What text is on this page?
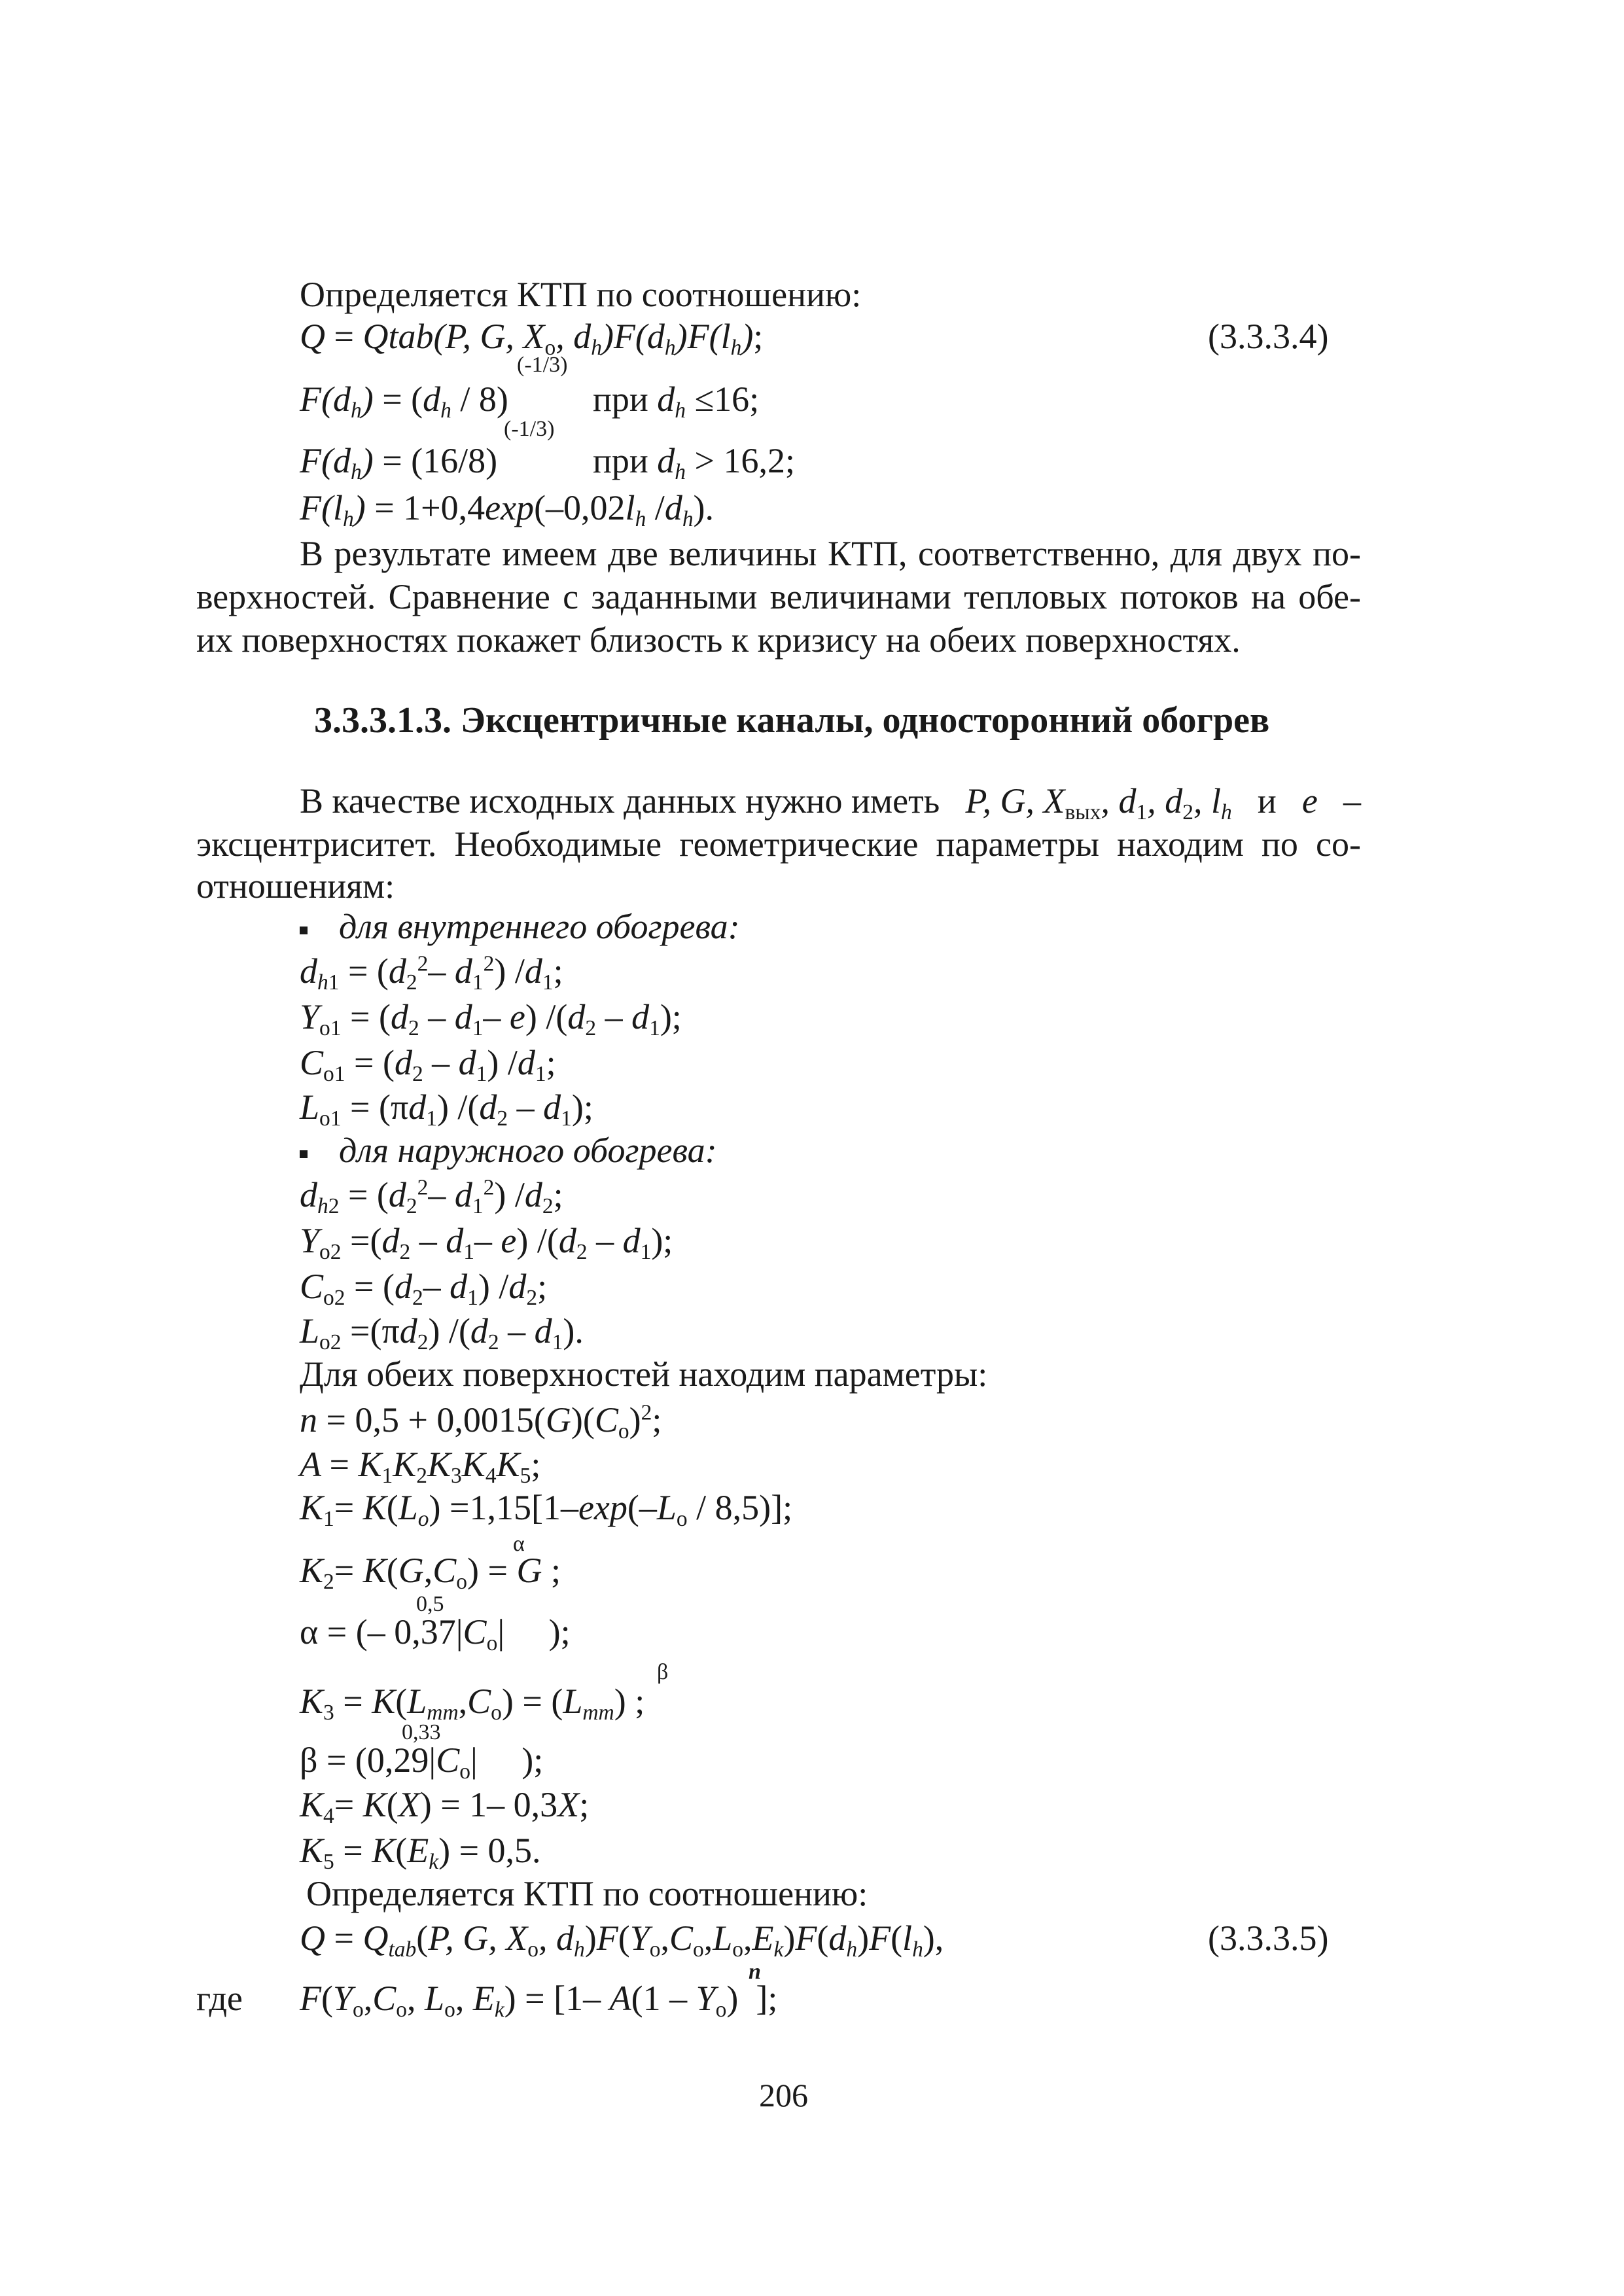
Определяется КТП по соотношению:
Q = Qtab(P, G, $X_o$, $d_h)F(d_h)F(l_h)$;	(3.3.3.4)
(-1/3)
$F(d_h) = (d_h / 8)$ при $d_h \le 16$;
(-1/3)
$F(d_h) = (16/8)$	при $d_h > 16,2$;
$F(l_h) = 1+0,4\exp(-0,02l_h$ $/d_h$).
В результате имеем две величины КТП, соответственно, для двух по-
верхностей. Сравнение с заданными величинами тепловых потоков на обе-
их поверхностях покажет близость к кризису на обеих поверхностях.
3.3.3.1.3. Эксцентричные каналы, односторонний обогрев
В качестве исходных данных нужно иметь P, G, $X_{вых}$, $d_1$, $d_2$, $l_h$ и e –
эксцентриситет. Необходимые геометрические параметры находим по со-
отношениям:
для внутреннего обогрева:
$d_{h1} = (d_2^2-$ $d_1^2$) $/d_1$;
$Y_{o1} = (d_2 - d_1-$ e) $/(d_2 - d_1)$;
$C_{o1} = (d_2 - d_1)$ $/d_1$;
$L_{o1} = (\pi d_1)$ $/(d_2 - d_1)$;
для наружного обогрева:
$d_{h2} = (d_2^2-$ $d_1^2$) $/d_2$;
$Y_{o2} =(d_2 - d_1-$ e) $/(d_2 - d_1)$;
$C_{o2} = (d_2-$ $d_1$) $/d_2$;
$L_{o2} =(\pi d_2)$ $/(d_2 - d_1)$.
Для обеих поверхностей находим параметры:
$n = 0,5 + 0,0015(G)(C_o)^2$;
$A = K_1K_2K_3K_4K_5$;
$K_1= K(L_o) =1,15[1-\exp(-L_o / 8,5)]$;
α
$K_2= K(G,C_o) = G$ ;
0,5
α = (– $0,37|C_o|$     );
β
$K_3 = K(L_{mm},C_o) = (L_{mm})$ ;
0,33
$\beta = (0,29|C_o|$     );
$K_4= K(X) = 1-$ 0,3X;
$K_5 = K(E_k) = 0,5$.
Определяется КТП по соотношению:
$Q = Q_{tab}(P$, G, $X_o$, $d_h)F(Y_o,C_o,L_o,E_k)F(d_h)F(l_h)$,	(3.3.3.5)
n
где $F(Y_o,C_o$, $L_o$, $E_k) = [1-$ $A(1 - Y_o)$  ];
206
